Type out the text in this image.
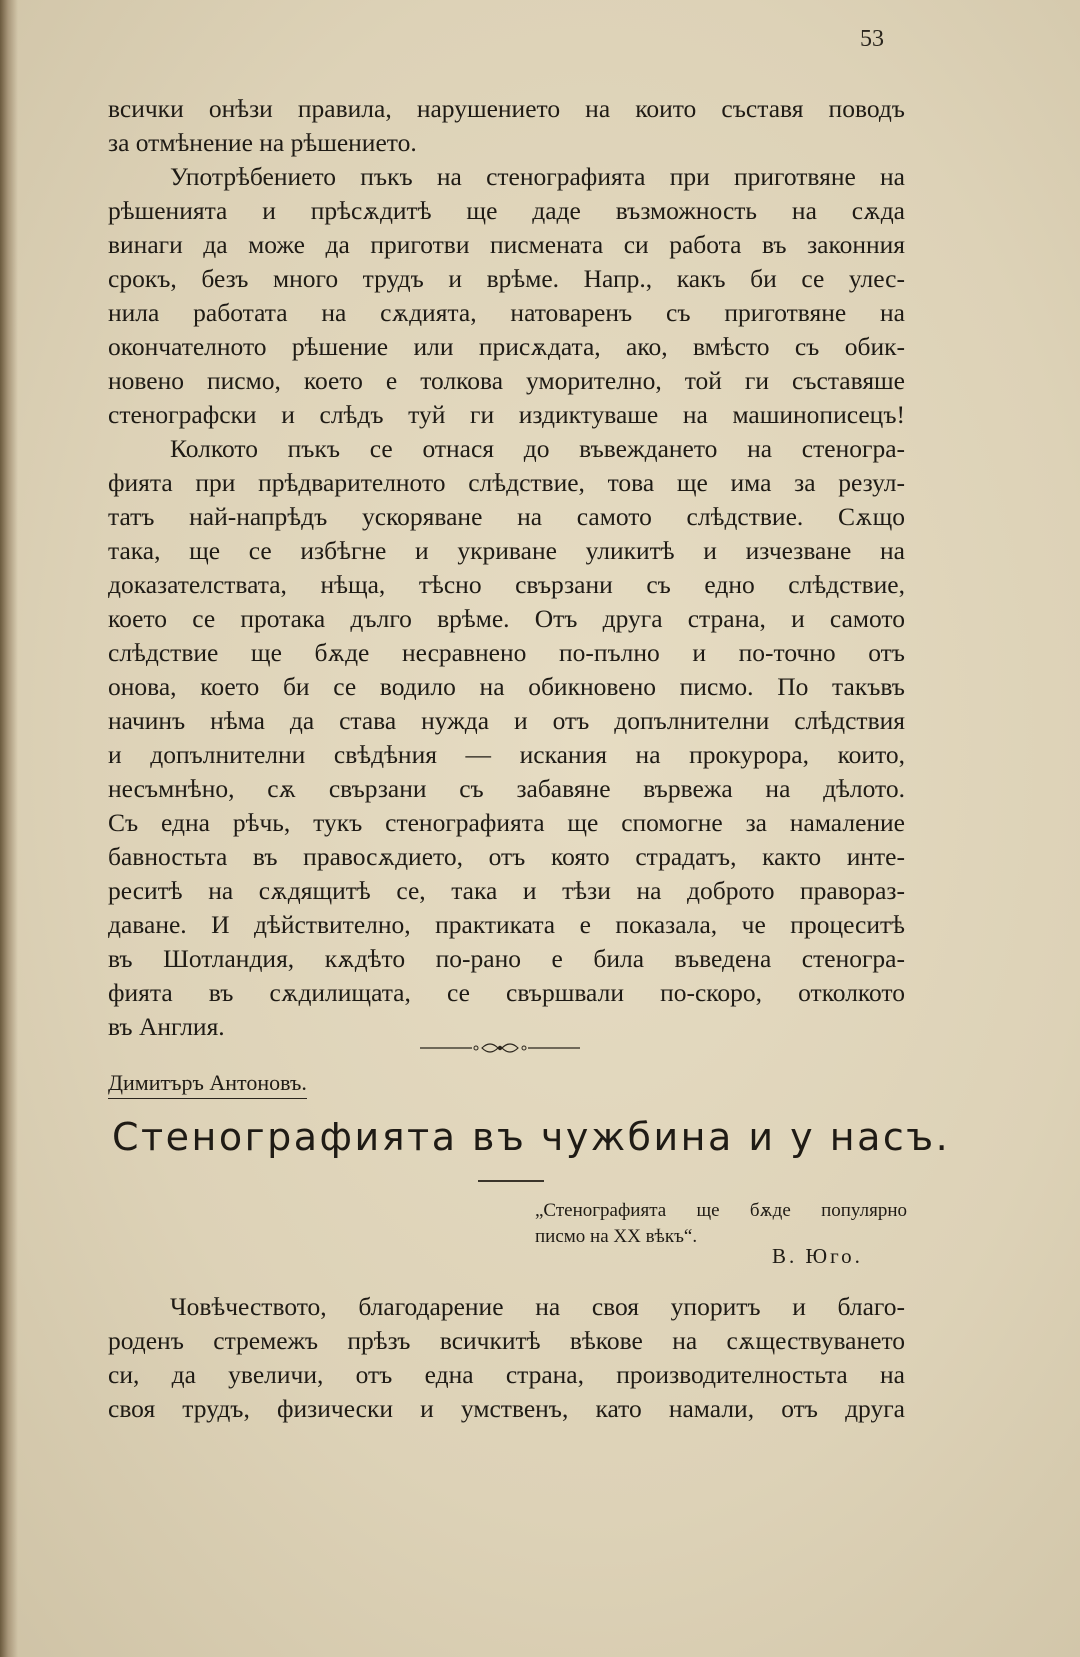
53
всички онѣзи правила, нарушението на които съставя поводъ
за отмѣнение на рѣшението.
Употрѣбението пъкъ на стенографията при приготвяне на
рѣшенията и прѣсѫдитѣ ще даде възможность на сѫда
винаги да може да приготви писмената си работа въ законния
срокъ, безъ много трудъ и врѣме. Напр., какъ би се улес-
нила работата на сѫдията, натоваренъ съ приготвяне на
окончателното рѣшение или присѫдата, ако, вмѣсто съ обик-
новено писмо, което е толкова уморително, той ги съставяше
стенографски и слѣдъ туй ги издиктуваше на машинописецъ!
Колкото пъкъ се отнася до въвеждането на стеногра-
фията при прѣдварителното слѣдствие, това ще има за резул-
татъ най-напрѣдъ ускоряване на самото слѣдствие. Сѫщо
така, ще се избѣгне и укриване уликитѣ и изчезване на
доказателствата, нѣща, тѣсно свързани съ едно слѣдствие,
което се протака дълго врѣме. Отъ друга страна, и самото
слѣдствие ще бѫде несравнено по-пълно и по-точно отъ
онова, което би се водило на обикновено писмо. По такъвъ
начинъ нѣма да става нужда и отъ допълнителни слѣдствия
и допълнителни свѣдѣния — искания на прокурора, които,
несъмнѣно, сѫ свързани съ забавяне вървежа на дѣлото.
Съ една рѣчь, тукъ стенографията ще спомогне за намаление
бавностьта въ правосѫдието, отъ която страдатъ, както инте-
реситѣ на сѫдящитѣ се, така и тѣзи на доброто правораз-
даване. И дѣйствително, практиката е показала, че процеситѣ
въ Шотландия, кѫдѣто по-рано е била въведена стеногра-
фията въ сѫдилищата, се свършвали по-скоро, отколкото
въ Англия.
Димитъръ Антоновъ.
Стенографията въ чужбина и у насъ.
„Стенографията ще бѫде популярно
писмо на XX вѣкъ“.
В. Юго.
Човѣчеството, благодарение на своя упоритъ и благо-
роденъ стремежъ прѣзъ всичкитѣ вѣкове на сѫществуването
си, да увеличи, отъ една страна, производителностьта на
своя трудъ, физически и умственъ, като намали, отъ друга
